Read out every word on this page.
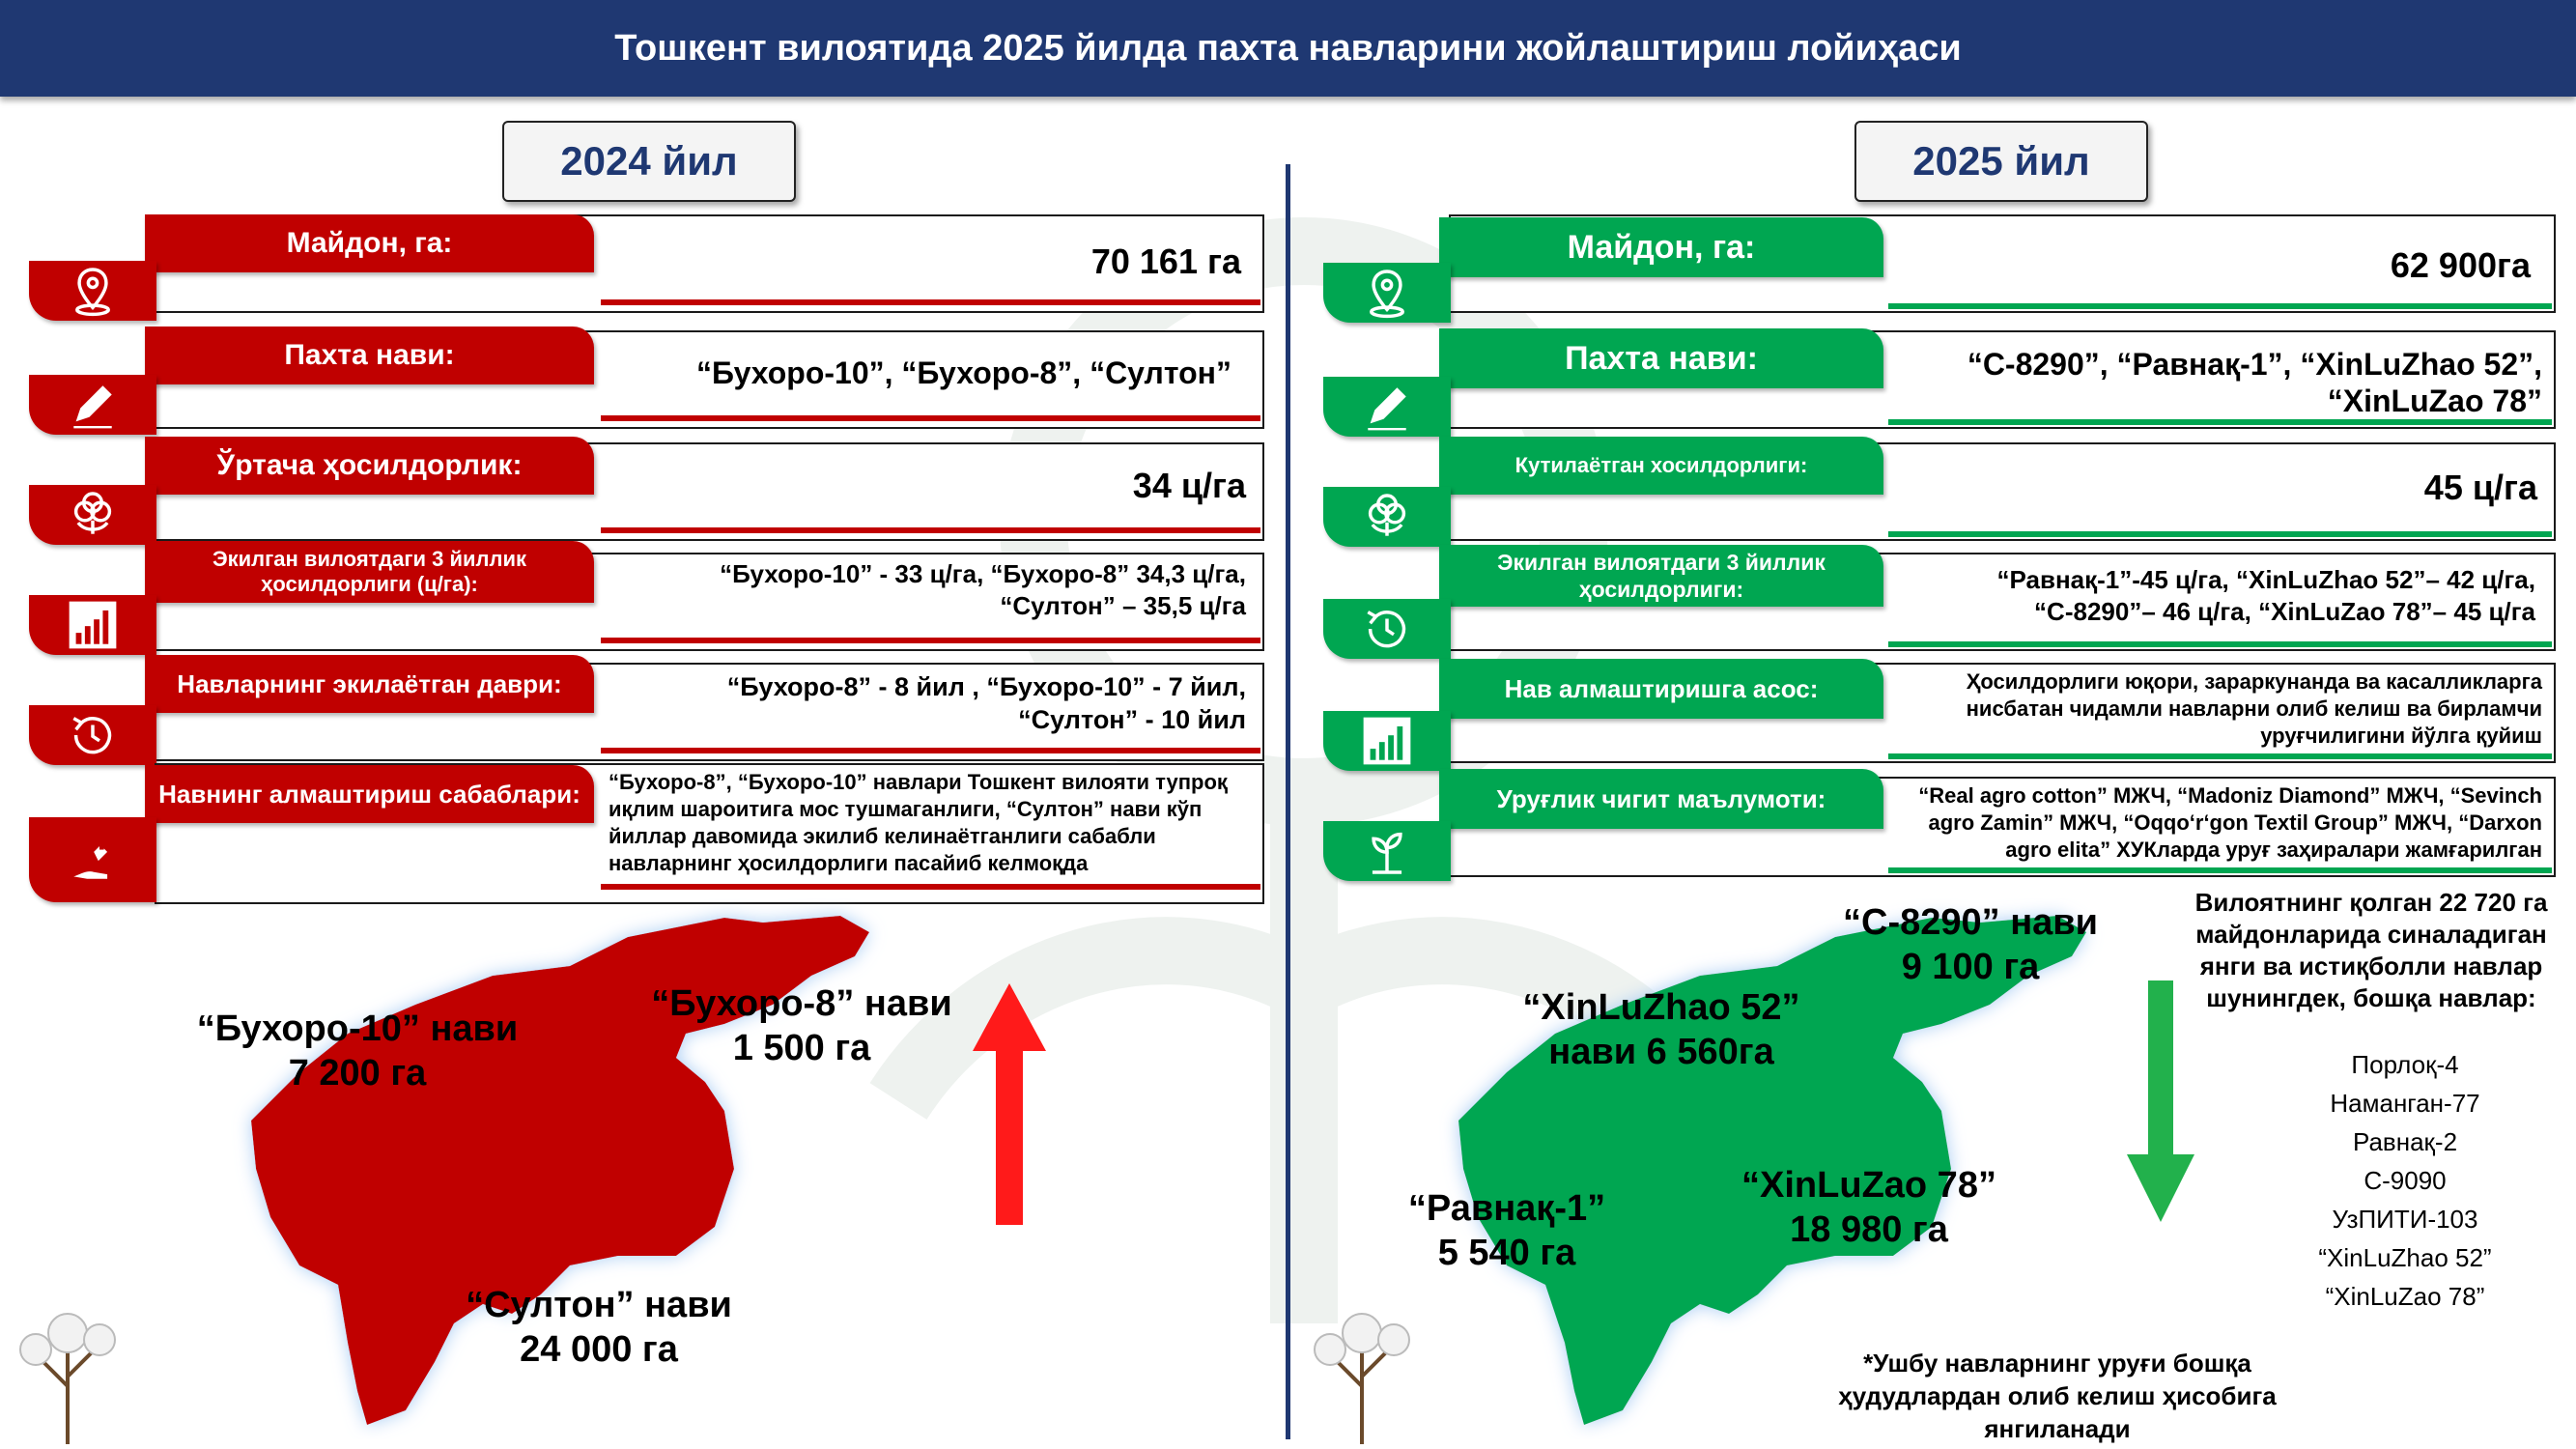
Тошкент вилоятида 2025 йилда пахта навларини жойлаштириш лойиҳаси
2024 йил
70 161 га
Майдон, га:
“Бухоро-10”, “Бухоро-8”, “Султон”
Пахта нави:
34 ц/га
Ўртача ҳосилдорлик:
“Бухоро-10” - 33 ц/га, “Бухоро-8” 34,3 ц/га,
“Султон” – 35,5 ц/га
Экилган вилоятдаги 3 йиллик ҳосилдорлиги (ц/га):
“Бухоро-8” - 8 йил , “Бухоро-10” - 7 йил,
“Султон” - 10 йил
Навларнинг экилаётган даври:
“Бухоро-8”, “Бухоро-10” навлари Тошкент вилояти тупроқ
иқлим шароитига мос тушмаганлиги, “Султон” нави кўп
йиллар давомида экилиб келинаётганлиги сабабли
навларнинг ҳосилдорлиги пасайиб келмоқда
Навнинг алмаштириш сабаблари:
“Бухоро-10” нави
7 200 га
“Бухоро-8” нави
1 500 га
“Султон” нави
24 000 га
2025 йил
62 900га
Майдон, га:
“С-8290”, “Равнақ-1”, “XinLuZhao 52”,
“XinLuZao 78”
Пахта нави:
45 ц/га
Кутилаётган хосилдорлиги:
“Равнақ-1”-45 ц/га, “XinLuZhao 52”– 42 ц/га,
“С-8290”– 46 ц/га, “XinLuZao 78”– 45 ц/га
Экилган вилоятдаги 3 йиллик ҳосилдорлиги:
Ҳосилдорлиги юқори, зараркунанда ва касалликларга
нисбатан чидамли навларни олиб келиш ва бирламчи
уруғчилигини йўлга қуйиш
Нав алмаштиришга асос:
“Real agro cotton” МЖЧ, “Madoniz Diamond” МЖЧ, “Sevinch
agro Zamin” МЖЧ, “Oqqo‘r‘gon Textil Group” МЖЧ, “Darxon
agro elita” ХУКларда уруғ заҳиралари жамғарилган
Уруғлик чигит маълумоти:
“С-8290” нави
9 100 га
“XinLuZhao 52”
нави 6 560га
“Равнақ-1”
5 540 га
“XinLuZao 78”
18 980 га
Вилоятнинг қолган 22 720 га
майдонларида синаладиган
янги ва истиқболли навлар
шунингдек, бошқа навлар:
Порлоқ-4
Наманган-77
Равнақ-2
С-9090
УзПИТИ-103
“XinLuZhao 52”
“XinLuZao 78”
*Ушбу навларнинг уруғи бошқа
ҳудудлардан олиб келиш ҳисобига
янгиланади
